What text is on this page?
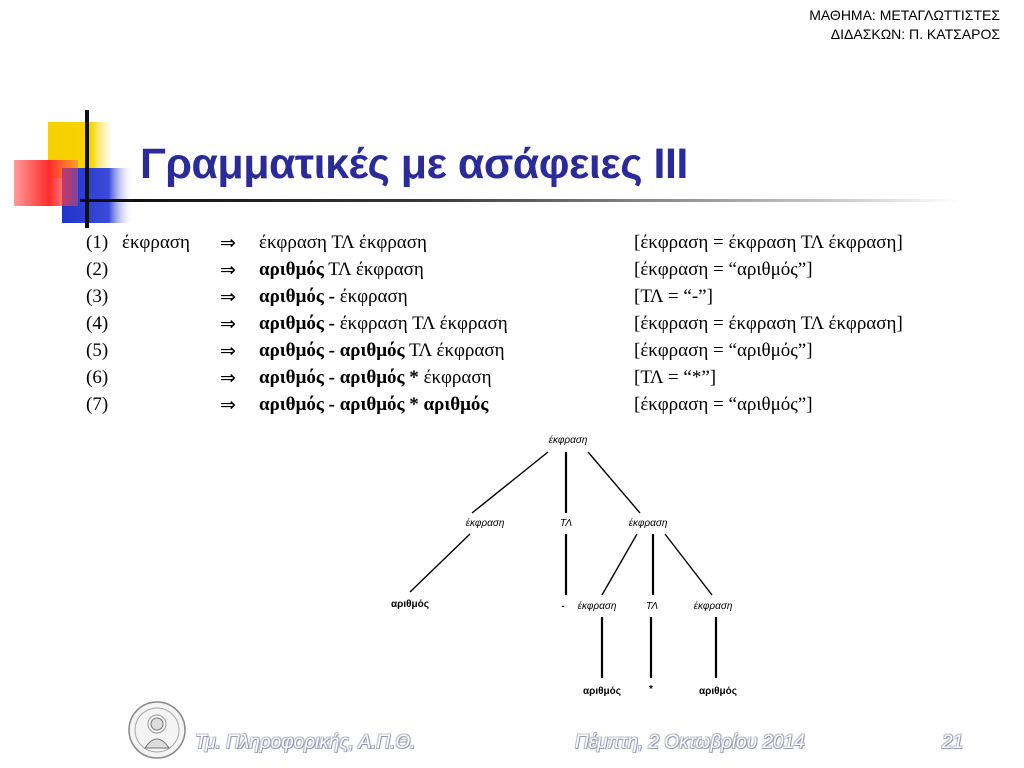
ΜΑΘΗΜΑ: ΜΕΤΑΓΛΩΤΤΙΣΤΕΣ
ΔΙΔΑΣΚΩΝ: Π. ΚΑΤΣΑΡΟΣ
Γραμματικές με ασάφειες ΙΙΙ
(1) έκφραση ⇒ έκφραση ΤΛ έκφραση	[έκφραση = έκφραση ΤΛ έκφραση]
(2)	⇒ αριθμός ΤΛ έκφραση	[έκφραση = “αριθμός”]
(3)	⇒ αριθμός - έκφραση	[ΤΛ = “-”]
(4)	⇒ αριθμός - έκφραση ΤΛ έκφραση	[έκφραση = έκφραση ΤΛ έκφραση]
(5)	⇒ αριθμός - αριθμός ΤΛ έκφραση	[έκφραση = “αριθμός”]
(6)	⇒ αριθμός - αριθμός * έκφραση	[ΤΛ = “*”]
(7)	⇒ αριθμός - αριθμός * αριθμός	[έκφραση = “αριθμός”]
έκφραση
έκφραση	ΤΛ	έκφραση
αριθμός	- έκφραση	ΤΛ	έκφραση
αριθμός	*	αριθμός
Τμ. Πληροφορικής, Α.Π.Θ.	Πέμπτη, 2 Οκτωβρίου 2014	21
